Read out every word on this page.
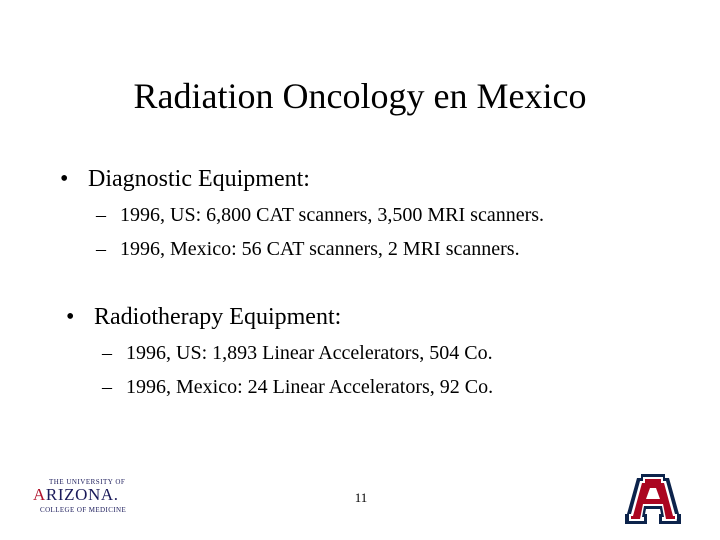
Radiation Oncology en Mexico
• Diagnostic Equipment:
– 1996, US: 6,800 CAT scanners, 3,500 MRI scanners.
– 1996, Mexico: 56 CAT scanners, 2 MRI scanners.
• Radiotherapy Equipment:
– 1996, US: 1,893 Linear Accelerators, 504 Co.
– 1996, Mexico: 24 Linear Accelerators, 92 Co.
11
THE UNIVERSITY OF
ARIZONA.
COLLEGE OF MEDICINE
®
